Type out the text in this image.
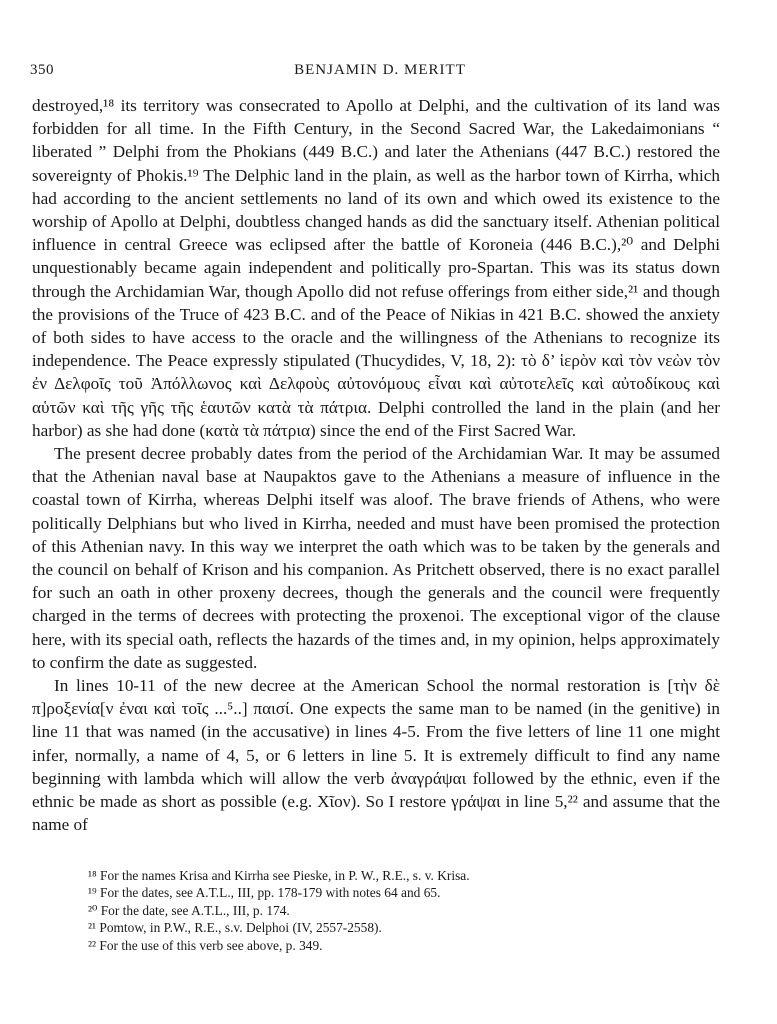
350	BENJAMIN D. MERITT

destroyed,¹⁸ its territory was consecrated to Apollo at Delphi, and the cultivation of its land was forbidden for all time. In the Fifth Century, in the Second Sacred War, the Lakedaimonians “ liberated ” Delphi from the Phokians (449 B.C.) and later the Athenians (447 B.C.) restored the sovereignty of Phokis.¹⁹ The Delphic land in the plain, as well as the harbor town of Kirrha, which had according to the ancient settlements no land of its own and which owed its existence to the worship of Apollo at Delphi, doubtless changed hands as did the sanctuary itself. Athenian political influence in central Greece was eclipsed after the battle of Koroneia (446 B.C.),²⁰ and Delphi unquestionably became again independent and politically pro-Spartan. This was its status down through the Archidamian War, though Apollo did not refuse offerings from either side,²¹ and though the provisions of the Truce of 423 B.C. and of the Peace of Nikias in 421 B.C. showed the anxiety of both sides to have access to the oracle and the willingness of the Athenians to recognize its independence. The Peace expressly stipulated (Thucydides, V, 18, 2): τὸ δ’ ἱερὸν καὶ τὸν νεὼν τὸν ἐν Δελφοῖς τοῦ Ἀπόλλωνος καὶ Δελφοὺς αὐτονόμους εἶναι καὶ αὐτοτελεῖς καὶ αὐτοδίκους καὶ αὑτῶν καὶ τῆς γῆς τῆς ἑαυτῶν κατὰ τὰ πάτρια. Delphi controlled the land in the plain (and her harbor) as she had done (κατὰ τὰ πάτρια) since the end of the First Sacred War.

The present decree probably dates from the period of the Archidamian War. It may be assumed that the Athenian naval base at Naupaktos gave to the Athenians a measure of influence in the coastal town of Kirrha, whereas Delphi itself was aloof. The brave friends of Athens, who were politically Delphians but who lived in Kirrha, needed and must have been promised the protection of this Athenian navy. In this way we interpret the oath which was to be taken by the generals and the council on behalf of Krison and his companion. As Pritchett observed, there is no exact parallel for such an oath in other proxeny decrees, though the generals and the council were frequently charged in the terms of decrees with protecting the proxenoi. The exceptional vigor of the clause here, with its special oath, reflects the hazards of the times and, in my opinion, helps approximately to confirm the date as suggested.

In lines 10-11 of the new decree at the American School the normal restoration is [τὴν δὲ π]ροξενία[ν ἐναι καὶ τοῖς ...⁵..] παισί. One expects the same man to be named (in the genitive) in line 11 that was named (in the accusative) in lines 4-5. From the five letters of line 11 one might infer, normally, a name of 4, 5, or 6 letters in line 5. It is extremely difficult to find any name beginning with lambda which will allow the verb ἀναγράψαι followed by the ethnic, even if the ethnic be made as short as possible (e.g. Χῖον). So I restore γράψαι in line 5,²² and assume that the name of

¹⁸ For the names Krisa and Kirrha see Pieske, in P. W., R.E., s. v. Krisa.
¹⁹ For the dates, see A.T.L., III, pp. 178-179 with notes 64 and 65.
²⁰ For the date, see A.T.L., III, p. 174.
²¹ Pomtow, in P.W., R.E., s.v. Delphoi (IV, 2557-2558).
²² For the use of this verb see above, p. 349.
